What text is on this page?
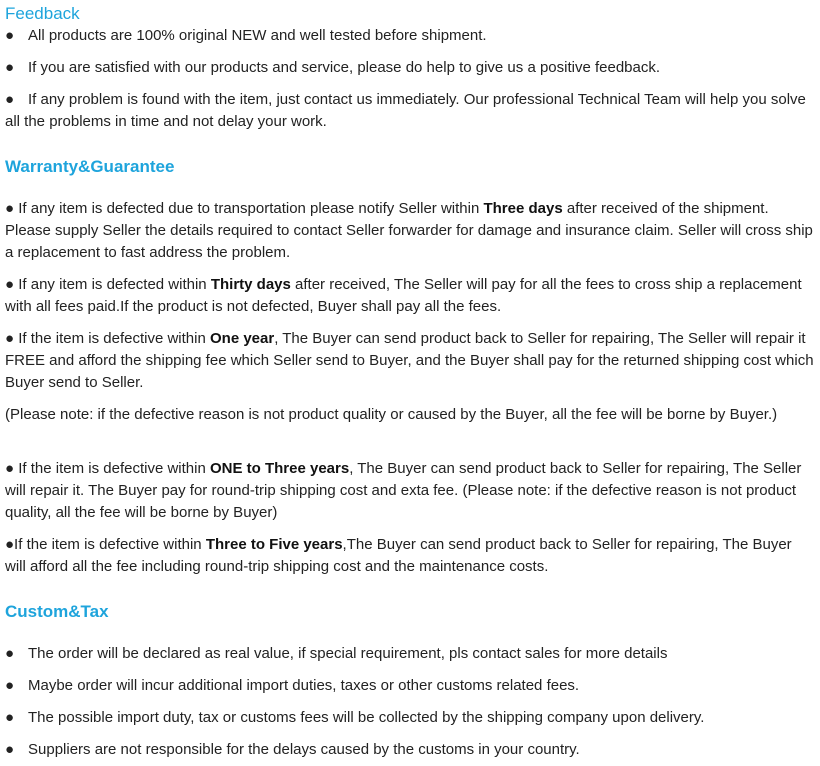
Feedback

● All products are 100% original NEW and well tested before shipment.

● If you are satisfied with our products and service, please do help to give us a positive feedback.

● If any problem is found with the item, just contact us immediately. Our professional Technical Team will help you solve all the problems in time and not delay your work.

Warranty&Guarantee

● If any item is defected due to transportation please notify Seller within Three days after received of the shipment. Please supply Seller the details required to contact Seller forwarder for damage and insurance claim. Seller will cross ship a replacement to fast address the problem.

● If any item is defected within Thirty days after received, The Seller will pay for all the fees to cross ship a replacement with all fees paid.If the product is not defected, Buyer shall pay all the fees.

● If the item is defective within One year, The Buyer can send product back to Seller for repairing, The Seller will repair it FREE and afford the shipping fee which Seller send to Buyer, and the Buyer shall pay for the returned shipping cost which Buyer send to Seller.

(Please note: if the defective reason is not product quality or caused by the Buyer, all the fee will be borne by Buyer.)

● If the item is defective within ONE to Three years, The Buyer can send product back to Seller for repairing, The Seller will repair it. The Buyer pay for round-trip shipping cost and exta fee. (Please note: if the defective reason is not product quality, all the fee will be borne by Buyer)

●If the item is defective within Three to Five years,The Buyer can send product back to Seller for repairing, The Buyer will afford all the fee including round-trip shipping cost and the maintenance costs.

Custom&Tax

● The order will be declared as real value, if special requirement, pls contact sales for more details

● Maybe order will incur additional import duties, taxes or other customs related fees.

● The possible import duty, tax or customs fees will be collected by the shipping company upon delivery.

● Suppliers are not responsible for the delays caused by the customs in your country.
